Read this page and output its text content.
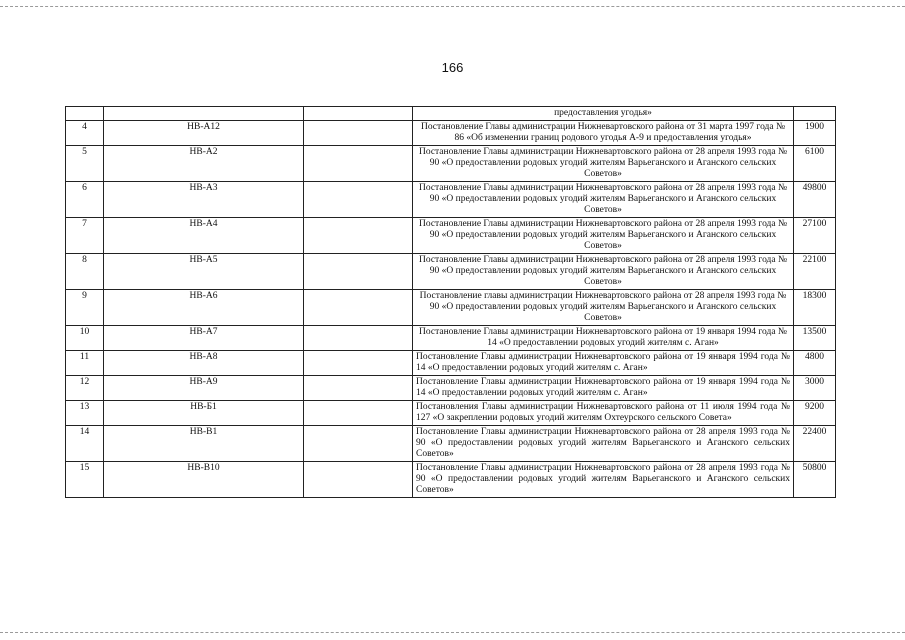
166
			предоставления угодья»	
4	НВ-А12		Постановление Главы администрации Нижневартовского района от 31 марта 1997 года № 86 «Об изменении границ родового угодья А-9 и предоставления угодья»	1900
5	НВ-А2		Постановление Главы администрации Нижневартовского района от 28 апреля 1993 года № 90 «О предоставлении родовых угодий жителям Варьеганского и Аганского сельских Советов»	6100
6	НВ-А3		Постановление Главы администрации Нижневартовского района от 28 апреля 1993 года № 90 «О предоставлении родовых угодий жителям Варьеганского и Аганского сельских Советов»	49800
7	НВ-А4		Постановление Главы администрации Нижневартовского района от 28 апреля 1993 года № 90 «О предоставлении родовых угодий жителям Варьеганского и Аганского сельских Советов»	27100
8	НВ-А5		Постановление Главы администрации Нижневартовского района от 28 апреля 1993 года № 90 «О предоставлении родовых угодий жителям Варьеганского и Аганского сельских Советов»	22100
9	НВ-А6		Постановление главы администрации Нижневартовского района от 28 апреля 1993 года № 90 «О предоставлении родовых угодий жителям Варьеганского и Аганского сельских Советов»	18300
10	НВ-А7		Постановление Главы администрации Нижневартовского района от 19 января 1994 года № 14 «О предоставлении родовых угодий жителям с. Аган»	13500
11	НВ-А8		Постановление Главы администрации Нижневартовского района от 19 января 1994 года № 14 «О предоставлении родовых угодий жителям с. Аган»	4800
12	НВ-А9		Постановление Главы администрации Нижневартовского района от 19 января 1994 года № 14 «О предоставлении родовых угодий жителям с. Аган»	3000
13	НВ-Б1		Постановления Главы администрации Нижневартовского района от 11 июля 1994 года № 127 «О закреплении родовых угодий жителям Охтеурского сельского Совета»	9200
14	НВ-В1		Постановление Главы администрации Нижневартовского района от 28 апреля 1993 года № 90 «О предоставлении родовых угодий жителям Варьеганского и Аганского сельских Советов»	22400
15	НВ-В10		Постановление Главы администрации Нижневартовского района от 28 апреля 1993 года № 90 «О предоставлении родовых угодий жителям Варьеганского и Аганского сельских Советов»	50800
